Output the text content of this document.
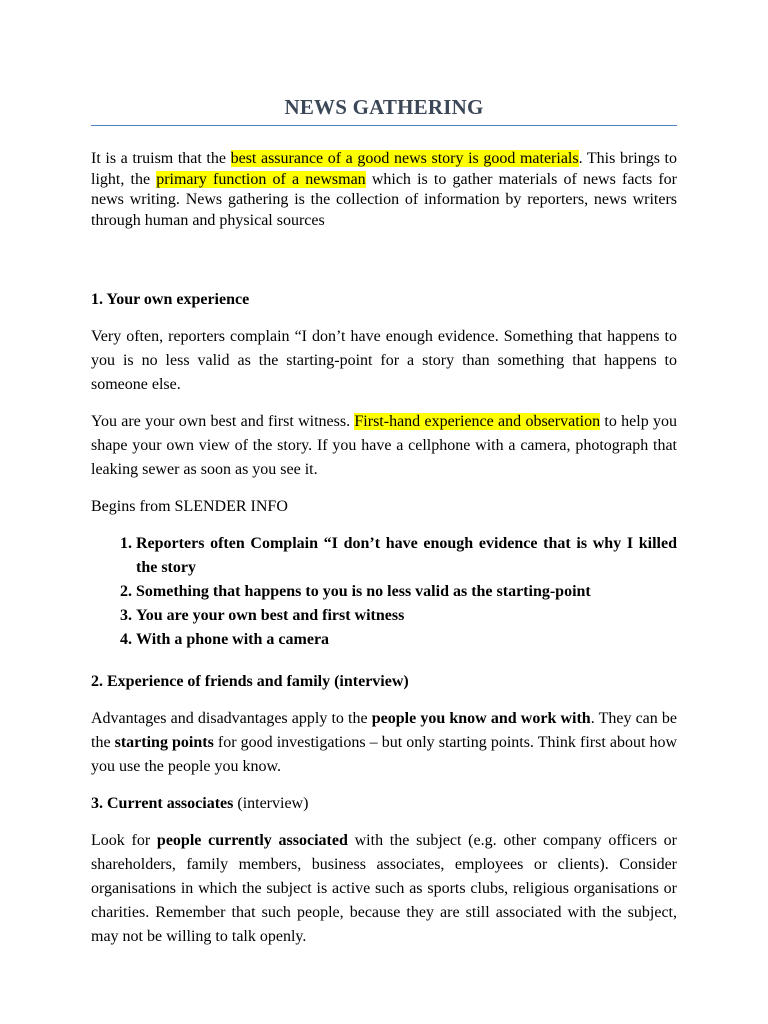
NEWS GATHERING

It is a truism that the best assurance of a good news story is good materials. This brings to light, the primary function of a newsman which is to gather materials of news facts for news writing. News gathering is the collection of information by reporters, news writers through human and physical sources

1. Your own experience

Very often, reporters complain “I don’t have enough evidence. Something that happens to you is no less valid as the starting-point for a story than something that happens to someone else.

You are your own best and first witness. First-hand experience and observation to help you shape your own view of the story. If you have a cellphone with a camera, photograph that leaking sewer as soon as you see it.

Begins from SLENDER INFO

1. Reporters often Complain “I don’t have enough evidence that is why I killed the story
2. Something that happens to you is no less valid as the starting-point
3. You are your own best and first witness
4. With a phone with a camera

2. Experience of friends and family (interview)

Advantages and disadvantages apply to the people you know and work with. They can be the starting points for good investigations – but only starting points. Think first about how you use the people you know.

3. Current associates (interview)

Look for people currently associated with the subject (e.g. other company officers or shareholders, family members, business associates, employees or clients). Consider organisations in which the subject is active such as sports clubs, religious organisations or charities. Remember that such people, because they are still associated with the subject, may not be willing to talk openly.
